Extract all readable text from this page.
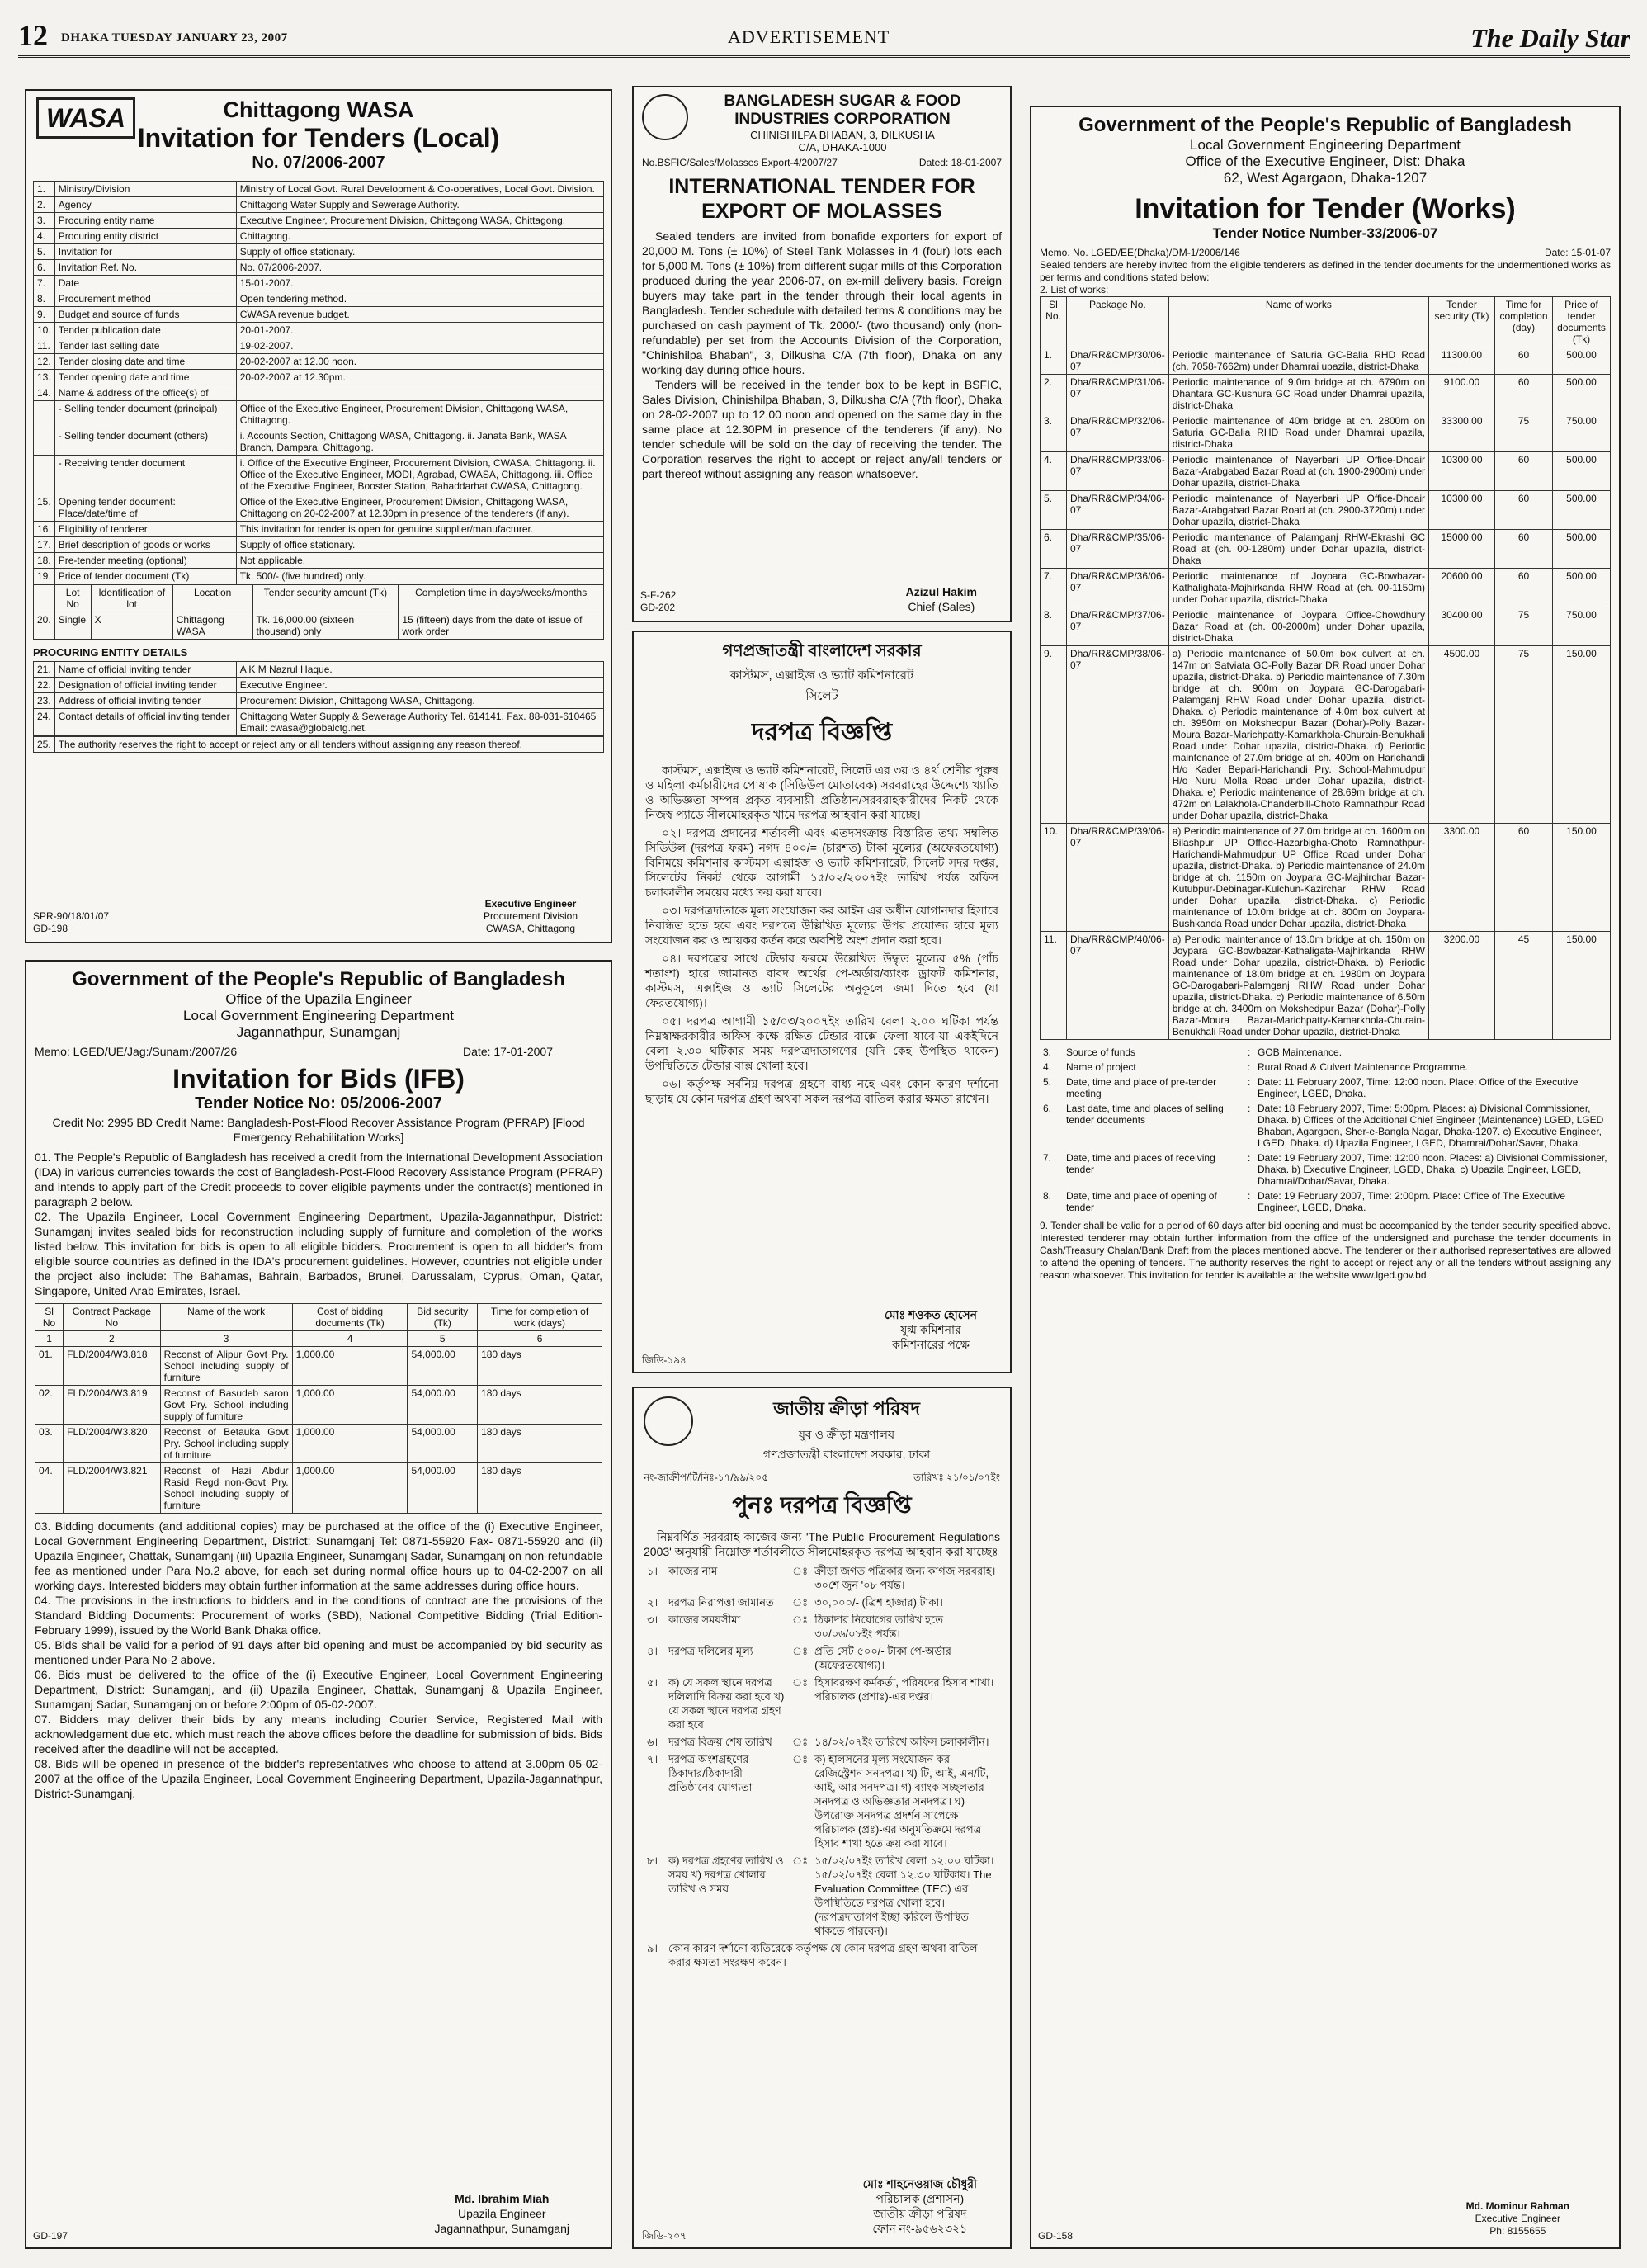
12 DHAKA TUESDAY JANUARY 23, 2007	ADVERTISEMENT	The Daily Star
WASA	Chittagong WASA
Invitation for Tenders (Local)
No. 07/2006-2007
1.	Ministry/Division	Ministry of Local Govt. Rural Development & Co-operatives, Local Govt. Division.
2.	Agency	Chittagong Water Supply and Sewerage Authority.
3.	Procuring entity name	Executive Engineer, Procurement Division, Chittagong WASA, Chittagong.
4.	Procuring entity district	Chittagong.
5.	Invitation for	Supply of office stationary.
6.	Invitation Ref. No.	No. 07/2006-2007.
7.	Date	15-01-2007.
8.	Procurement method	Open tendering method.
9.	Budget and source of funds	CWASA revenue budget.
10.	Tender publication date	20-01-2007.
11.	Tender last selling date	19-02-2007.
12.	Tender closing date and time	20-02-2007 at 12.00 noon.
13.	Tender opening date and time	20-02-2007 at 12.30pm.
14.	Name & address of the office(s) of	
	- Selling tender document (principal)	Office of the Executive Engineer, Procurement Division, Chittagong WASA, Chittagong.
	- Selling tender document (others)	i. Accounts Section, Chittagong WASA, Chittagong. ii. Janata Bank, WASA Branch, Dampara, Chittagong.
	- Receiving tender document	i. Office of the Executive Engineer, Procurement Division, CWASA, Chittagong. ii. Office of the Executive Engineer, MODI, Agrabad, CWASA, Chittagong. iii. Office of the Executive Engineer, Booster Station, Bahaddarhat CWASA, Chittagong.
15.	Opening tender document: Place/date/time of	Office of the Executive Engineer, Procurement Division, Chittagong WASA, Chittagong on 20-02-2007 at 12.30pm in presence of the tenderers (if any).
16.	Eligibility of tenderer	This invitation for tender is open for genuine supplier/manufacturer.
17.	Brief description of goods or works	Supply of office stationary.
18.	Pre-tender meeting (optional)	Not applicable.
19.	Price of tender document (Tk)	Tk. 500/- (five hundred) only.
	Lot No	Identification of lot	Location	Tender security amount (Tk)	Completion time in days/weeks/months
20.	Single	X	Chittagong WASA	Tk. 16,000.00 (sixteen thousand) only	15 (fifteen) days from the date of issue of work order
PROCURING ENTITY DETAILS
21.	Name of official inviting tender	A K M Nazrul Haque.
22.	Designation of official inviting tender	Executive Engineer.
23.	Address of official inviting tender	Procurement Division, Chittagong WASA, Chittagong.
24.	Contact details of official inviting tender	Chittagong Water Supply & Sewerage Authority Tel. 614141, Fax. 88-031-610465 Email: cwasa@globalctg.net.
25.	The authority reserves the right to accept or reject any or all tenders without assigning any reason thereof.
Executive Engineer
Procurement Division
CWASA, Chittagong
SPR-90/18/01/07
GD-198
Government of the People's Republic of Bangladesh
Office of the Upazila Engineer
Local Government Engineering Department
Jagannathpur, Sunamganj
Memo: LGED/UE/Jag:/Sunam:/2007/26	Date: 17-01-2007
Invitation for Bids (IFB)
Tender Notice No: 05/2006-2007
Credit No: 2995 BD Credit Name: Bangladesh-Post-Flood Recover Assistance Program (PFRAP) [Flood Emergency Rehabilitation Works]

01. The People's Republic of Bangladesh has received a credit from the International Development Association (IDA) in various currencies towards the cost of Bangladesh-Post-Flood Recovery Assistance Program (PFRAP) and intends to apply part of the Credit proceeds to cover eligible payments under the contract(s) mentioned in paragraph 2 below.

02. The Upazila Engineer, Local Government Engineering Department, Upazila-Jagannathpur, District: Sunamganj invites sealed bids for reconstruction including supply of furniture and completion of the works listed below. This invitation for bids is open to all eligible bidders. Procurement is open to all bidder's from eligible source countries as defined in the IDA's procurement guidelines. However, countries not eligible under the project also include: The Bahamas, Bahrain, Barbados, Brunei, Darussalam, Cyprus, Oman, Qatar, Singapore, United Arab Emirates, Israel.

Sl No	Contract Package No	Name of the work	Cost of bidding documents (Tk)	Bid security (Tk)	Time for completion of work (days)
1	2	3	4	5	6
01.	FLD/2004/W3.818	Reconst of Alipur Govt Pry. School including supply of furniture	1,000.00	54,000.00	180 days
02.	FLD/2004/W3.819	Reconst of Basudeb saron Govt Pry. School including supply of furniture	1,000.00	54,000.00	180 days
03.	FLD/2004/W3.820	Reconst of Betauka Govt Pry. School including supply of furniture	1,000.00	54,000.00	180 days
04.	FLD/2004/W3.821	Reconst of Hazi Abdur Rasid Regd non-Govt Pry. School including supply of furniture	1,000.00	54,000.00	180 days

03. Bidding documents (and additional copies) may be purchased at the office of the (i) Executive Engineer, Local Government Engineering Department, District: Sunamganj Tel: 0871-55920 Fax- 0871-55920 and (ii) Upazila Engineer, Chattak, Sunamganj (iii) Upazila Engineer, Sunamganj Sadar, Sunamganj on non-refundable fee as mentioned under Para No.2 above, for each set during normal office hours up to 04-02-2007 on all working days. Interested bidders may obtain further information at the same addresses during office hours.

04. The provisions in the instructions to bidders and in the conditions of contract are the provisions of the Standard Bidding Documents: Procurement of works (SBD), National Competitive Bidding (Trial Edition-February 1999), issued by the World Bank Dhaka office.

05. Bids shall be valid for a period of 91 days after bid opening and must be accompanied by bid security as mentioned under Para No-2 above.

06. Bids must be delivered to the office of the (i) Executive Engineer, Local Government Engineering Department, District: Sunamganj, and (ii) Upazila Engineer, Chattak, Sunamganj & Upazila Engineer, Sunamganj Sadar, Sunamganj on or before 2:00pm of 05-02-2007.

07. Bidders may deliver their bids by any means including Courier Service, Registered Mail with acknowledgement due etc. which must reach the above offices before the deadline for submission of bids. Bids received after the deadline will not be accepted.

08. Bids will be opened in presence of the bidder's representatives who choose to attend at 3.00pm 05-02-2007 at the office of the Upazila Engineer, Local Government Engineering Department, Upazila-Jagannathpur, District-Sunamganj.

Md. Ibrahim Miah
Upazila Engineer
Jagannathpur, Sunamganj
GD-197
BANGLADESH SUGAR & FOOD
INDUSTRIES CORPORATION
CHINISHILPA BHABAN, 3, DILKUSHA
C/A, DHAKA-1000
No.BSFIC/Sales/Molasses Export-4/2007/27	Dated: 18-01-2007
INTERNATIONAL TENDER FOR EXPORT OF MOLASSES

Sealed tenders are invited from bonafide exporters for export of 20,000 M. Tons (± 10%) of Steel Tank Molasses in 4 (four) lots each for 5,000 M. Tons (± 10%) from different sugar mills of this Corporation produced during the year 2006-07, on ex-mill delivery basis. Foreign buyers may take part in the tender through their local agents in Bangladesh. Tender schedule with detailed terms & conditions may be purchased on cash payment of Tk. 2000/- (two thousand) only (non-refundable) per set from the Accounts Division of the Corporation, "Chinishilpa Bhaban", 3, Dilkusha C/A (7th floor), Dhaka on any working day during office hours.

Tenders will be received in the tender box to be kept in BSFIC, Sales Division, Chinishilpa Bhaban, 3, Dilkusha C/A (7th floor), Dhaka on 28-02-2007 up to 12.00 noon and opened on the same day in the same place at 12.30PM in presence of the tenderers (if any). No tender schedule will be sold on the day of receiving the tender. The Corporation reserves the right to accept or reject any/all tenders or part thereof without assigning any reason whatsoever.

S-F-262
GD-202
Azizul Hakim
Chief (Sales)
গণপ্রজাতন্ত্রী বাংলাদেশ সরকার
কাস্টমস, এক্সাইজ ও ভ্যাট কমিশনারেট
সিলেট
দরপত্র বিজ্ঞপ্তি

কাস্টমস, এক্সাইজ ও ভ্যাট কমিশনারেট, সিলেট এর ৩য় ও ৪র্থ শ্রেণীর পুরুষ ও মহিলা কর্মচারীদের পোষাক (সিডিউল মোতাবেক) সরবরাহের উদ্দেশ্যে খ্যাতি ও অভিজ্ঞতা সম্পন্ন প্রকৃত ব্যবসায়ী প্রতিষ্ঠান/সরবরাহকারীদের নিকট থেকে নিজস্ব প্যাডে সীলমোহরকৃত খামে দরপত্র আহবান করা যাচ্ছে।

০২। দরপত্র প্রদানের শর্তাবলী এবং এতদসংক্রান্ত বিস্তারিত তথ্য সম্বলিত সিডিউল (দরপত্র ফরম) নগদ ৪০০/= (চারশত) টাকা মূল্যের (অফেরতযোগ্য) বিনিময়ে কমিশনার কাস্টমস এক্সাইজ ও ভ্যাট কমিশনারেট, সিলেট সদর দপ্তর, সিলেটের নিকট থেকে আগামী ১৫/০২/২০০৭ইং তারিখ পর্যন্ত অফিস চলাকালীন সময়ের মধ্যে ক্রয় করা যাবে।

০৩। দরপত্রদাতাকে মূল্য সংযোজন কর আইন এর অধীন যোগানদার হিসাবে নিবন্ধিত হতে হবে এবং দরপত্রে উল্লিখিত মূল্যের উপর প্রযোজ্য হারে মূল্য সংযোজন কর ও আয়কর কর্তন করে অবশিষ্ট অংশ প্রদান করা হবে।

০৪। দরপত্রের সাথে টেন্ডার ফরমে উল্লেখিত উদ্ধৃত মূল্যের ৫% (পাঁচ শতাংশ) হারে জামানত বাবদ অর্থের পে-অর্ডার/ব্যাংক ড্রাফট কমিশনার, কাস্টমস, এক্সাইজ ও ভ্যাট সিলেটের অনুকূলে জমা দিতে হবে (যা ফেরতযোগ্য)।

০৫। দরপত্র আগামী ১৫/০৩/২০০৭ইং তারিখ বেলা ২.০০ ঘটিকা পর্যন্ত নিম্নস্বাক্ষরকারীর অফিস কক্ষে রক্ষিত টেন্ডার বাক্সে ফেলা যাবে-যা একইদিনে বেলা ২.৩০ ঘটিকার সময় দরপত্রদাতাগণের (যদি কেহ উপস্থিত থাকেন) উপস্থিতিতে টেন্ডার বাক্স খোলা হবে।

০৬। কর্তৃপক্ষ সর্বনিম্ন দরপত্র গ্রহণে বাধ্য নহে এবং কোন কারণ দর্শানো ছাড়াই যে কোন দরপত্র গ্রহণ অথবা সকল দরপত্র বাতিল করার ক্ষমতা রাখেন।

মোঃ শওকত হোসেন
যুগ্ম কমিশনার
কমিশনারের পক্ষে
জিডি-১৯৪
জাতীয় ক্রীড়া পরিষদ
যুব ও ক্রীড়া মন্ত্রণালয়
গণপ্রজাতন্ত্রী বাংলাদেশ সরকার, ঢাকা
নং-জাক্রীপ/টি/নিঃ-১৭/৯৯/২০৫	তারিখঃ ২১/০১/০৭ইং
পুনঃ দরপত্র বিজ্ঞপ্তি

নিম্নবর্ণিত সরবরাহ কাজের জন্য 'The Public Procurement Regulations 2003' অনুযায়ী নিম্নোক্ত শর্তাবলীতে সীলমোহরকৃত দরপত্র আহবান করা যাচ্ছেঃ

১।	কাজের নাম	ঃ	ক্রীড়া জগত পত্রিকার জন্য কাগজ সরবরাহ। ৩০শে জুন '০৮ পর্যন্ত।
২।	দরপত্র নিরাপত্তা জামানত	ঃ	৩০,০০০/- (ত্রিশ হাজার) টাকা।
৩।	কাজের সময়সীমা	ঃ	ঠিকাদার নিয়োগের তারিখ হতে ৩০/০৬/০৮ইং পর্যন্ত।
৪।	দরপত্র দলিলের মূল্য	ঃ	প্রতি সেট ৫০০/- টাকা পে-অর্ডার (অফেরতযোগ্য)।
৫।	ক) যে সকল স্থানে দরপত্র দলিলাদি বিক্রয় করা হবে খ) যে সকল স্থানে দরপত্র গ্রহণ করা হবে	ঃ	হিসাবরক্ষণ কর্মকর্তা, পরিষদের হিসাব শাখা। পরিচালক (প্রশাঃ)-এর দপ্তর।
৬।	দরপত্র বিক্রয় শেষ তারিখ	ঃ	১৪/০২/০৭ইং তারিখে অফিস চলাকালীন।
৭।	দরপত্র অংশগ্রহণের ঠিকাদার/ঠিকাদারী প্রতিষ্ঠানের যোগ্যতা	ঃ	ক) হালসনের মূল্য সংযোজন কর রেজিস্ট্রেশন সনদপত্র। খ) টি, আই, এন/টি, আই, আর সনদপত্র। গ) ব্যাংক সচ্ছলতার সনদপত্র ও অভিজ্ঞতার সনদপত্র। ঘ) উপরোক্ত সনদপত্র প্রদর্শন সাপেক্ষে পরিচালক (প্রঃ)-এর অনুমতিক্রমে দরপত্র হিসাব শাখা হতে ক্রয় করা যাবে।
৮।	ক) দরপত্র গ্রহণের তারিখ ও সময় খ) দরপত্র খোলার তারিখ ও সময়	ঃ	১৫/০২/০৭ইং তারিখ বেলা ১২.০০ ঘটিকা। ১৫/০২/০৭ইং বেলা ১২.৩০ ঘটিকায়। The Evaluation Committee (TEC) এর উপস্থিতিতে দরপত্র খোলা হবে। (দরপত্রদাতাগণ ইচ্ছা করিলে উপস্থিত থাকতে পারবেন)।
৯।	কোন কারণ দর্শানো ব্যতিরেকে কর্তৃপক্ষ যে কোন দরপত্র গ্রহণ অথবা বাতিল করার ক্ষমতা সংরক্ষণ করেন।		
মোঃ শাহনেওয়াজ চৌধুরী
পরিচালক (প্রশাসন)
জাতীয় ক্রীড়া পরিষদ
ফোন নং-৯৫৬২৩২১
জিডি-২০৭
Government of the People's Republic of Bangladesh
Local Government Engineering Department
Office of the Executive Engineer, Dist: Dhaka
62, West Agargaon, Dhaka-1207
Invitation for Tender (Works)
Tender Notice Number-33/2006-07
Memo. No. LGED/EE(Dhaka)/DM-1/2006/146	Date: 15-01-07

Sealed tenders are hereby invited from the eligible tenderers as defined in the tender documents for the undermentioned works as per terms and conditions stated below:

2. List of works:
Sl No.	Package No.	Name of works	Tender security (Tk)	Time for completion (day)	Price of tender documents (Tk)
1.	Dha/RR&CMP/30/06-07	Periodic maintenance of Saturia GC-Balia RHD Road (ch. 7058-7662m) under Dhamrai upazila, district-Dhaka	11300.00	60	500.00
2.	Dha/RR&CMP/31/06-07	Periodic maintenance of 9.0m bridge at ch. 6790m on Dhantara GC-Kushura GC Road under Dhamrai upazila, district-Dhaka	9100.00	60	500.00
3.	Dha/RR&CMP/32/06-07	Periodic maintenance of 40m bridge at ch. 2800m on Saturia GC-Balia RHD Road under Dhamrai upazila, district-Dhaka	33300.00	75	750.00
4.	Dha/RR&CMP/33/06-07	Periodic maintenance of Nayerbari UP Office-Dhoair Bazar-Arabgabad Bazar Road at (ch. 1900-2900m) under Dohar upazila, district-Dhaka	10300.00	60	500.00
5.	Dha/RR&CMP/34/06-07	Periodic maintenance of Nayerbari UP Office-Dhoair Bazar-Arabgabad Bazar Road at (ch. 2900-3720m) under Dohar upazila, district-Dhaka	10300.00	60	500.00
6.	Dha/RR&CMP/35/06-07	Periodic maintenance of Palamganj RHW-Ekrashi GC Road at (ch. 00-1280m) under Dohar upazila, district-Dhaka	15000.00	60	500.00
7.	Dha/RR&CMP/36/06-07	Periodic maintenance of Joypara GC-Bowbazar-Kathalighata-Majhirkanda RHW Road at (ch. 00-1150m) under Dohar upazila, district-Dhaka	20600.00	60	500.00
8.	Dha/RR&CMP/37/06-07	Periodic maintenance of Joypara Office-Chowdhury Bazar Road at (ch. 00-2000m) under Dohar upazila, district-Dhaka	30400.00	75	750.00
9.	Dha/RR&CMP/38/06-07	a) Periodic maintenance of 50.0m box culvert at ch. 147m on Satviata GC-Polly Bazar DR Road under Dohar upazila, district-Dhaka. b) Periodic maintenance of 7.30m bridge at ch. 900m on Joypara GC-Darogabari-Palamganj RHW Road under Dohar upazila, district-Dhaka. c) Periodic maintenance of 4.0m box culvert at ch. 3950m on Mokshedpur Bazar (Dohar)-Polly Bazar-Moura Bazar-Marichpatty-Kamarkhola-Churain-Benukhali Road under Dohar upazila, district-Dhaka. d) Periodic maintenance of 27.0m bridge at ch. 400m on Harichandi H/o Kader Bepari-Harichandi Pry. School-Mahmudpur H/o Nuru Molla Road under Dohar upazila, district-Dhaka. e) Periodic maintenance of 28.69m bridge at ch. 472m on Lalakhola-Chanderbill-Choto Ramnathpur Road under Dohar upazila, district-Dhaka	4500.00	75	150.00
10.	Dha/RR&CMP/39/06-07	a) Periodic maintenance of 27.0m bridge at ch. 1600m on Bilashpur UP Office-Hazarbigha-Choto Ramnathpur-Harichandi-Mahmudpur UP Office Road under Dohar upazila, district-Dhaka. b) Periodic maintenance of 24.0m bridge at ch. 1150m on Joypara GC-Majhirchar Bazar-Kutubpur-Debinagar-Kulchun-Kazirchar RHW Road under Dohar upazila, district-Dhaka. c) Periodic maintenance of 10.0m bridge at ch. 800m on Joypara-Bushkanda Road under Dohar upazila, district-Dhaka	3300.00	60	150.00
11.	Dha/RR&CMP/40/06-07	a) Periodic maintenance of 13.0m bridge at ch. 150m on Joypara GC-Bowbazar-Kathaligata-Majhirkanda RHW Road under Dohar upazila, district-Dhaka. b) Periodic maintenance of 18.0m bridge at ch. 1980m on Joypara GC-Darogabari-Palamganj RHW Road under Dohar upazila, district-Dhaka. c) Periodic maintenance of 6.50m bridge at ch. 3400m on Mokshedpur Bazar (Dohar)-Polly Bazar-Moura Bazar-Marichpatty-Kamarkhola-Churain-Benukhali Road under Dohar upazila, district-Dhaka	3200.00	45	150.00
3.	Source of funds	:	GOB Maintenance.
4.	Name of project	:	Rural Road & Culvert Maintenance Programme.
5.	Date, time and place of pre-tender meeting	:	Date: 11 February 2007, Time: 12:00 noon. Place: Office of the Executive Engineer, LGED, Dhaka.
6.	Last date, time and places of selling tender documents	:	Date: 18 February 2007, Time: 5:00pm. Places: a) Divisional Commissioner, Dhaka. b) Offices of the Additional Chief Engineer (Maintenance) LGED, LGED Bhaban, Agargaon, Sher-e-Bangla Nagar, Dhaka-1207. c) Executive Engineer, LGED, Dhaka. d) Upazila Engineer, LGED, Dhamrai/Dohar/Savar, Dhaka.
7.	Date, time and places of receiving tender	:	Date: 19 February 2007, Time: 12:00 noon. Places: a) Divisional Commissioner, Dhaka. b) Executive Engineer, LGED, Dhaka. c) Upazila Engineer, LGED, Dhamrai/Dohar/Savar, Dhaka.
8.	Date, time and place of opening of tender	:	Date: 19 February 2007, Time: 2:00pm. Place: Office of The Executive Engineer, LGED, Dhaka.

9. Tender shall be valid for a period of 60 days after bid opening and must be accompanied by the tender security specified above. Interested tenderer may obtain further information from the office of the undersigned and purchase the tender documents in Cash/Treasury Chalan/Bank Draft from the places mentioned above. The tenderer or their authorised representatives are allowed to attend the opening of tenders. The authority reserves the right to accept or reject any or all the tenders without assigning any reason whatsoever. This invitation for tender is available at the website www.lged.gov.bd

Md. Mominur Rahman
Executive Engineer
Ph: 8155655
GD-158
